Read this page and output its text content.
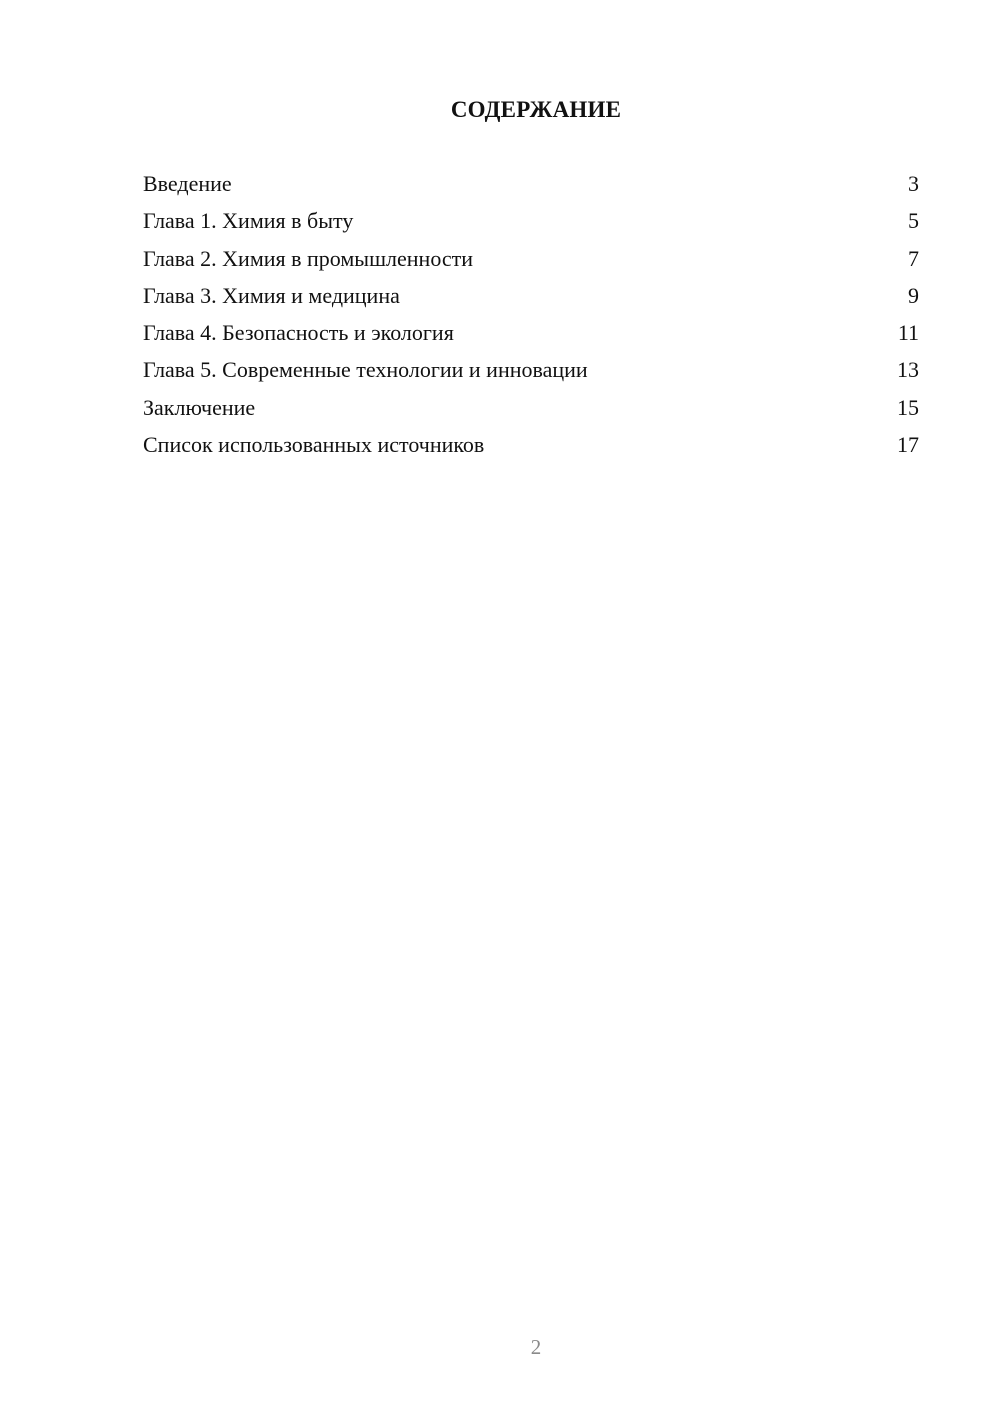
СОДЕРЖАНИЕ
Введение	3
Глава 1. Химия в быту	5
Глава 2. Химия в промышленности	7
Глава 3. Химия и медицина	9
Глава 4. Безопасность и экология	11
Глава 5. Современные технологии и инновации	13
Заключение	15
Список использованных источников	17
2
